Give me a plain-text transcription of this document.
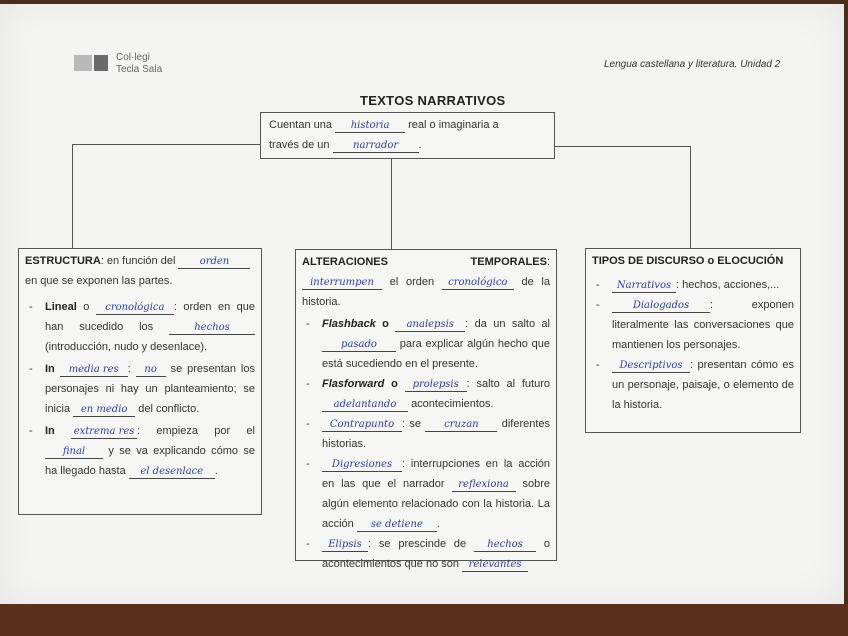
Col·legi
Tecla Sala	Lengua castellana y literatura. Unidad 2
TEXTOS NARRATIVOS
Cuentan una historia real o imaginaria a
través de un narrador .
ESTRUCTURA: en función del orden
en que se exponen las partes.
- Lineal o cronológica : orden en que han sucedido los	hechos (introducción, nudo y desenlace).
- In media res : no se presentan los personajes ni hay un planteamiento; se inicia en medio del conflicto.
- In extrema res : empieza por el final y se va explicando cómo se ha llegado hasta el desenlace .
ALTERACIONES TEMPORALES: interrumpen el orden cronológico de la historia.
- Flashback o analepsis : da un salto al pasado para explicar algún hecho que está sucediendo en el presente.
- Flasforward o prolepsis : salto al futuro adelantando acontecimientos.
- Contrapunto : se cruzan diferentes historias.
- Digresiones : interrupciones en la acción en las que el narrador reflexiona sobre algún elemento relacionado con la historia. La acción se detiene .
- Elipsis : se prescinde de hechos o acontecimientos que no son relevantes
TIPOS DE DISCURSO o ELOCUCIÓN
- Narrativos : hechos, acciones,...
- Dialogados : exponen literalmente las conversaciones que mantienen los personajes.
- Descriptivos : presentan cómo es un personaje, paisaje, o elemento de la historia.
